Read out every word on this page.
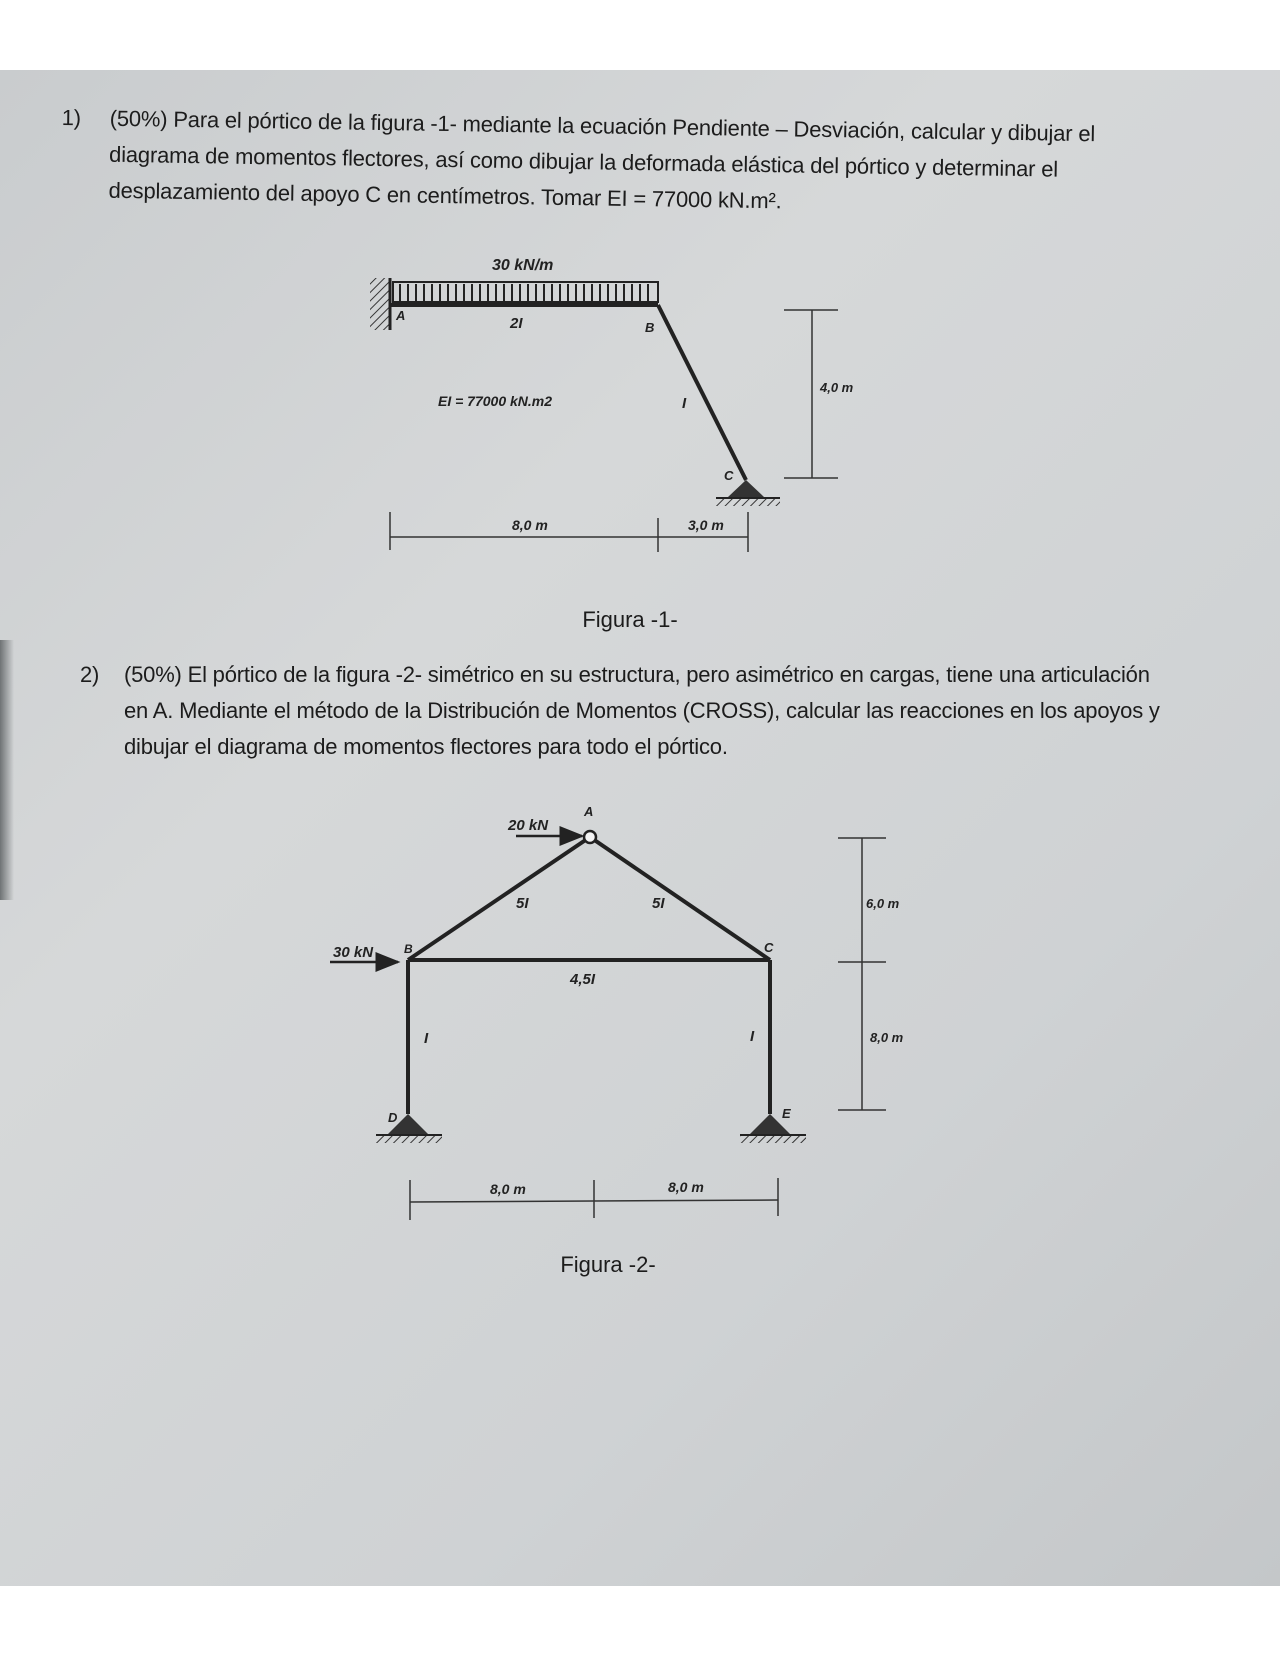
1)	(50%) Para el pórtico de la figura -1- mediante la ecuación Pendiente – Desviación, calcular y dibujar el diagrama de momentos flectores, así como dibujar la deformada elástica del pórtico y determinar el desplazamiento del apoyo C en centímetros. Tomar EI = 77000 kN.m².

30 kN/m
A
B
C
2I
I
EI = 77000 kN.m2
4,0 m
8,0 m	3,0 m
Figura -1-
2)	(50%) El pórtico de la figura -2- simétrico en su estructura, pero asimétrico en cargas, tiene una articulación en A. Mediante el método de la Distribución de Momentos (CROSS), calcular las reacciones en los apoyos y dibujar el diagrama de momentos flectores para todo el pórtico.

A
20 kN
30 kN	B	C
D	E
5I	5I
4,5I
I	I
6,0 m
8,0 m
8,0 m	8,0 m
Figura -2-
